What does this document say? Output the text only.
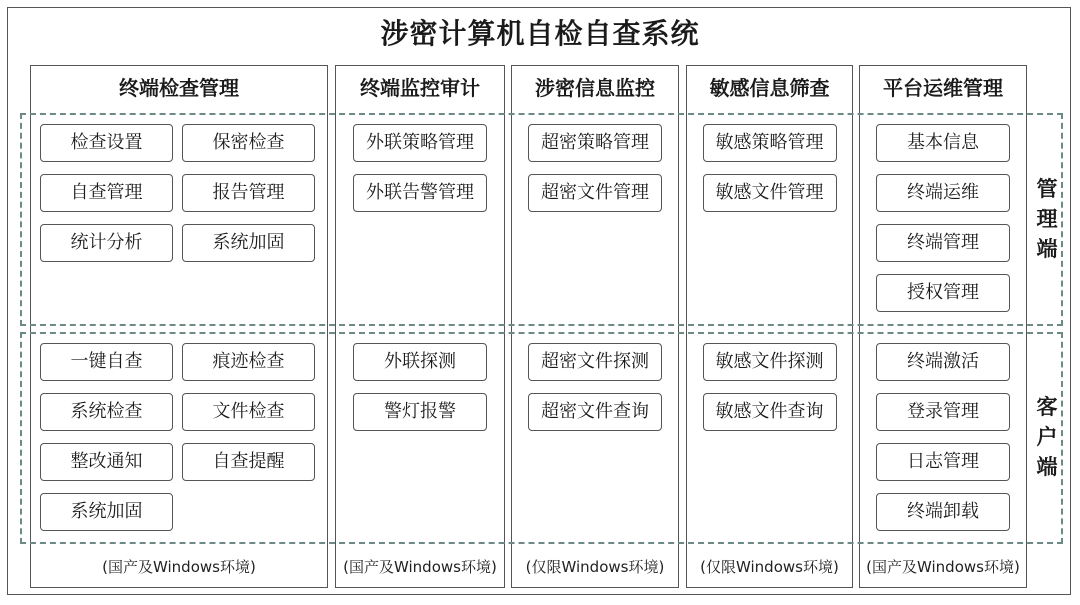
涉密计算机自检自查系统
终端检查管理
(国产及Windows环境)
检查设置	保密检查
自查管理	报告管理
统计分析	系统加固
一键自查	痕迹检查
系统检查	文件检查
整改通知	自查提醒
系统加固
终端监控审计
(国产及Windows环境)
外联策略管理
外联告警管理
外联探测
警灯报警
涉密信息监控
(仅限Windows环境)
超密策略管理
超密文件管理
超密文件探测
超密文件查询
敏感信息筛查
(仅限Windows环境)
敏感策略管理
敏感文件管理
敏感文件探测
敏感文件查询
平台运维管理
(国产及Windows环境)
基本信息
终端运维
终端管理
授权管理
终端激活
登录管理
日志管理
终端卸载
管
理
端
客
户
端
